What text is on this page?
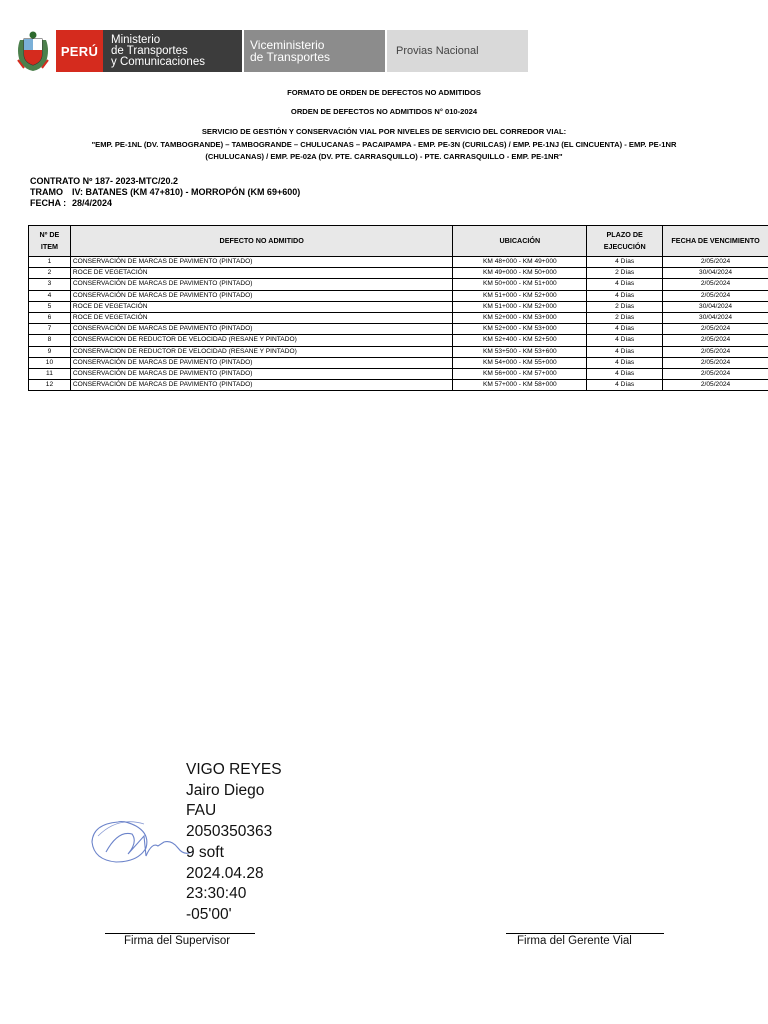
PERÚ
Ministerio
de Transportes
y Comunicaciones
Viceministerio
de Transportes	Provias Nacional
FORMATO DE ORDEN DE DEFECTOS NO ADMITIDOS
ORDEN DE DEFECTOS NO ADMITIDOS N° 010-2024
SERVICIO DE GESTIÓN Y CONSERVACIÓN VIAL POR NIVELES DE SERVICIO DEL CORREDOR VIAL:
"EMP. PE-1NL (DV. TAMBOGRANDE) – TAMBOGRANDE – CHULUCANAS – PACAIPAMPA - EMP. PE-3N (CURILCAS) / EMP. PE-1NJ (EL CINCUENTA) - EMP. PE-1NR
(CHULUCANAS) / EMP. PE-02A (DV. PTE. CARRASQUILLO) - PTE. CARRASQUILLO - EMP. PE-1NR"
CONTRATO Nº 187- 2023-MTC/20.2
TRAMO IV: BATANES (KM 47+810) - MORROPÓN (KM 69+600)
FECHA : 28/4/2024
Nº DE ITEM	DEFECTO NO ADMITIDO	UBICACIÓN	PLAZO DE EJECUCIÓN	FECHA DE VENCIMIENTO
1	CONSERVACIÓN DE MARCAS DE PAVIMENTO (PINTADO)	KM 48+000 - KM 49+000	4 Días	2/05/2024
2	ROCE DE VEGETACIÓN	KM 49+000 - KM 50+000	2 Días	30/04/2024
3	CONSERVACIÓN DE MARCAS DE PAVIMENTO (PINTADO)	KM 50+000 - KM 51+000	4 Días	2/05/2024
4	CONSERVACIÓN DE MARCAS DE PAVIMENTO (PINTADO)	KM 51+000 - KM 52+000	4 Días	2/05/2024
5	ROCE DE VEGETACIÓN	KM 51+000 - KM 52+000	2 Días	30/04/2024
6	ROCE DE VEGETACIÓN	KM 52+000 - KM 53+000	2 Días	30/04/2024
7	CONSERVACIÓN DE MARCAS DE PAVIMENTO (PINTADO)	KM 52+000 - KM 53+000	4 Días	2/05/2024
8	CONSERVACION DE REDUCTOR DE VELOCIDAD (RESANE Y PINTADO)	KM 52+400 - KM 52+500	4 Días	2/05/2024
9	CONSERVACION DE REDUCTOR DE VELOCIDAD (RESANE Y PINTADO)	KM 53+500 - KM 53+600	4 Días	2/05/2024
10	CONSERVACIÓN DE MARCAS DE PAVIMENTO (PINTADO)	KM 54+000 - KM 55+000	4 Días	2/05/2024
11	CONSERVACIÓN DE MARCAS DE PAVIMENTO (PINTADO)	KM 56+000 - KM 57+000	4 Días	2/05/2024
12	CONSERVACIÓN DE MARCAS DE PAVIMENTO (PINTADO)	KM 57+000 - KM 58+000	4 Días	2/05/2024
VIGO REYES
Jairo Diego
FAU
2050350363
9 soft
2024.04.28
23:30:40
-05'00'
Firma del Supervisor	Firma del Gerente Vial
